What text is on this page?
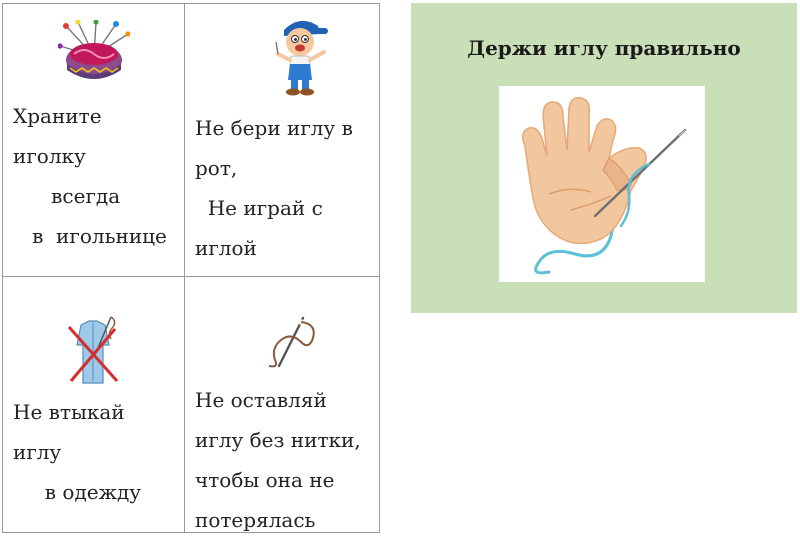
Храните
иголку
всегда
в  игольнице

Не бери иглу в
рот,
Не играй с
иглой

Не втыкай
иглу
в одежду

Не оставляй
иглу без нитки,
чтобы она не
потерялась

Держи иглу правильно
